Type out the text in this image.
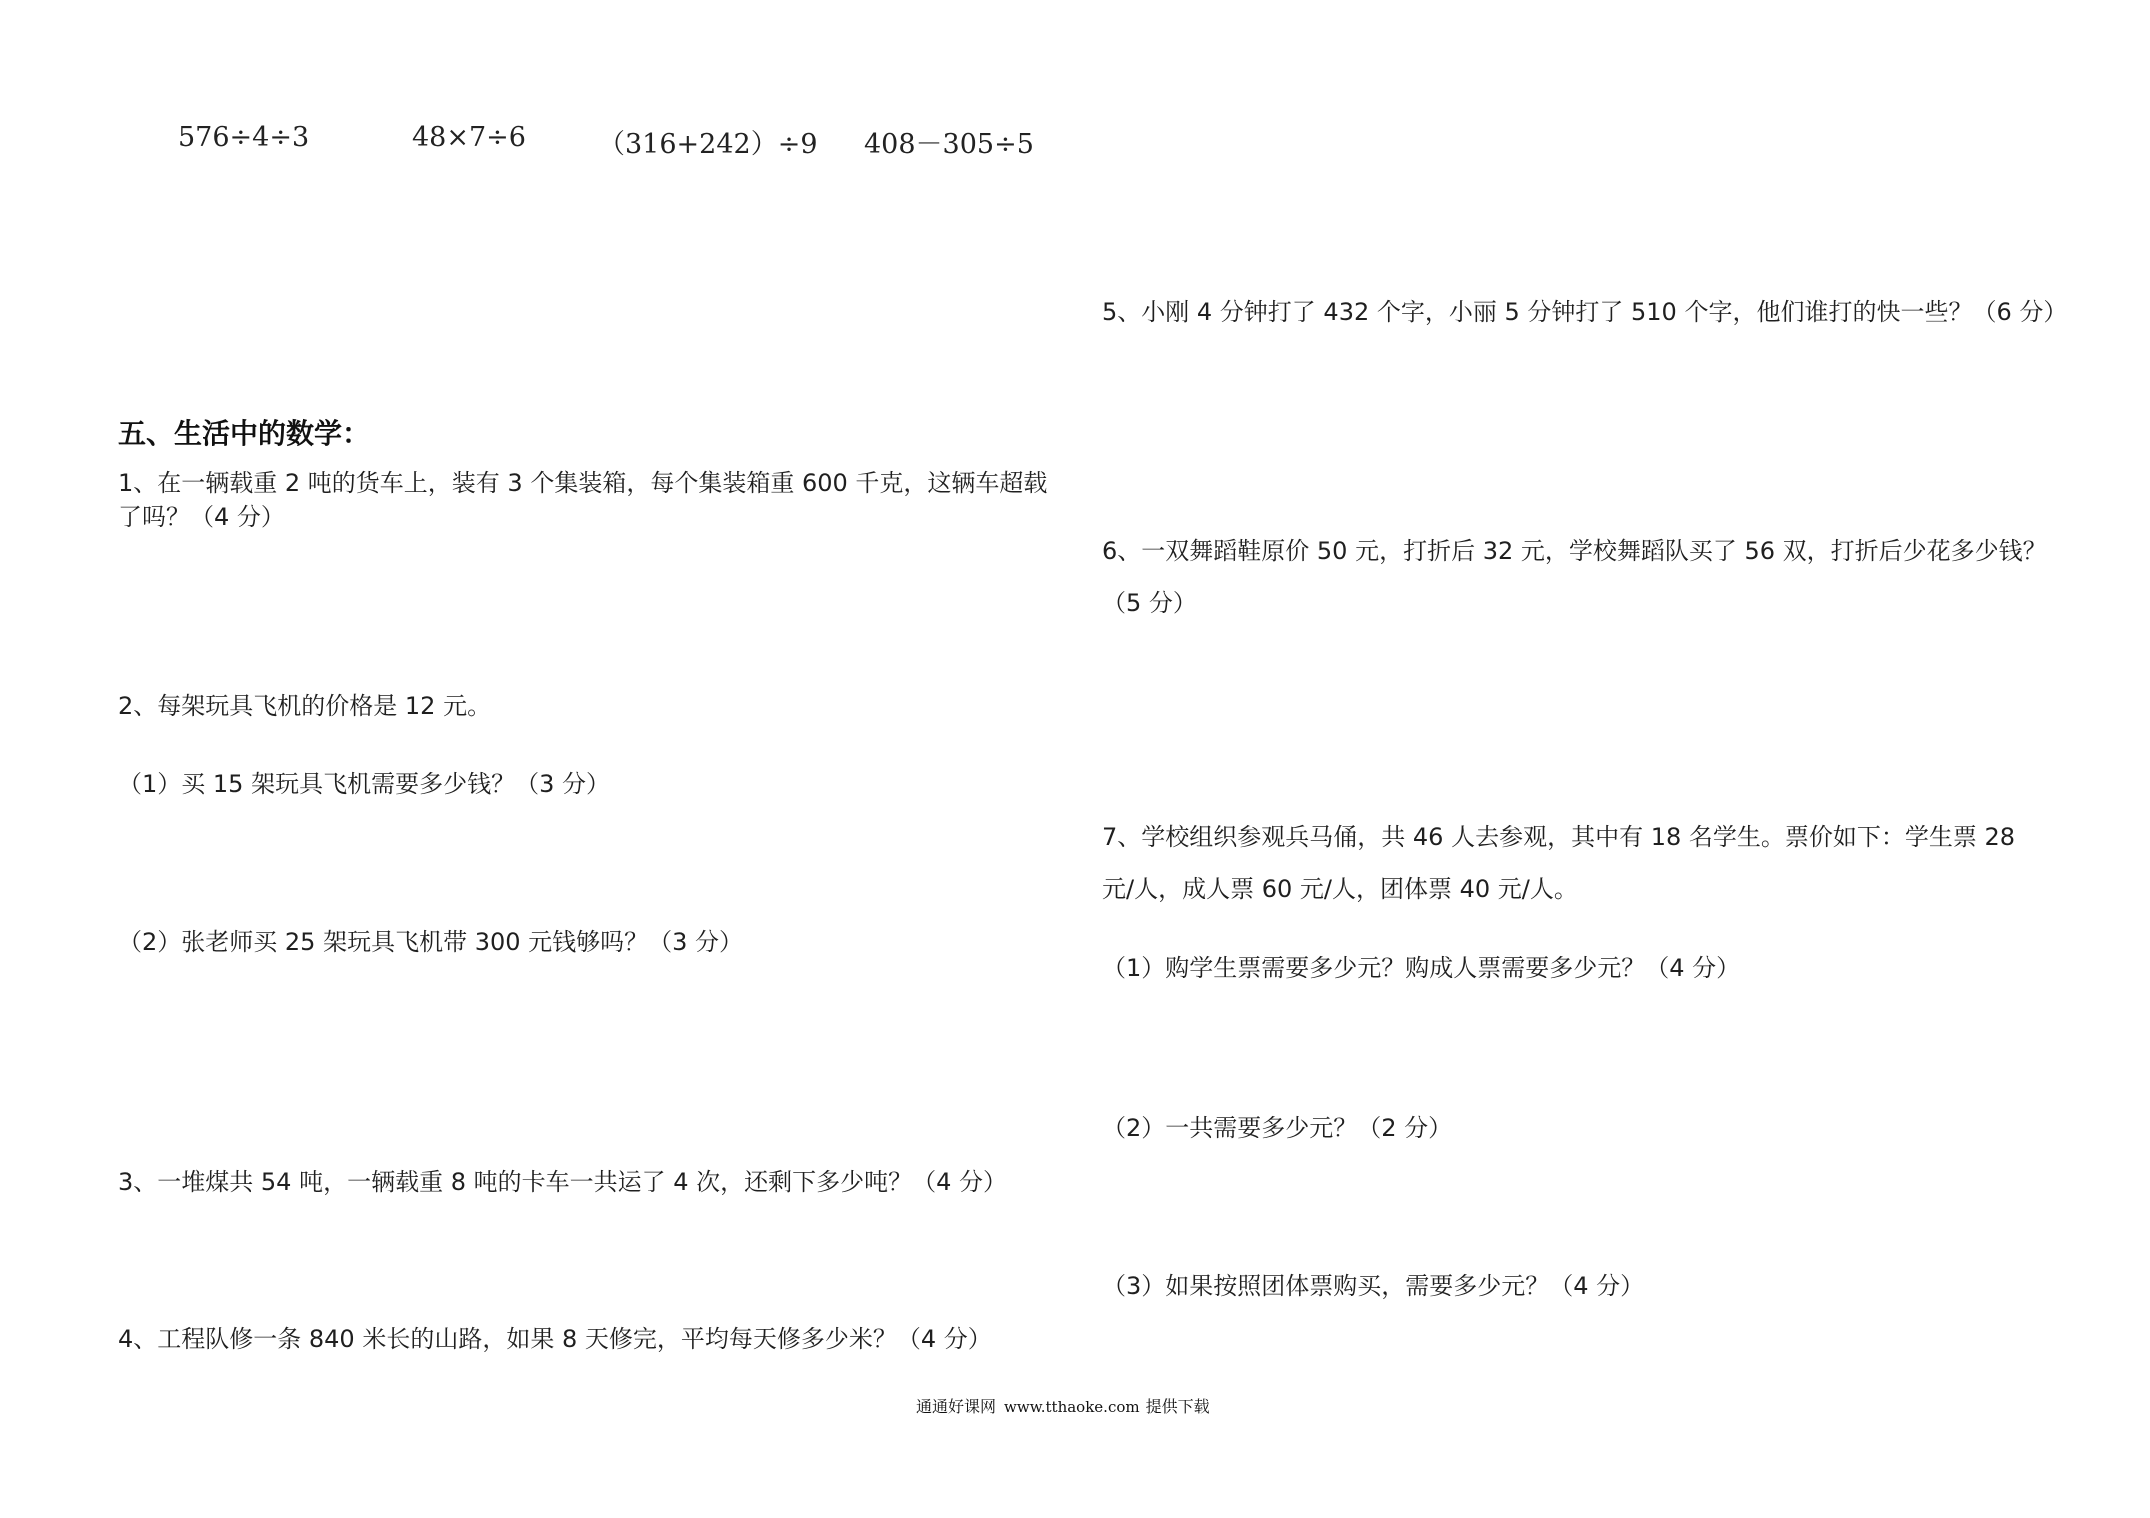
576÷4÷3	48×7÷6	（316+242）÷9 408－305÷5
五、生活中的数学：
1、在一辆载重 2 吨的货车上，装有 3 个集装箱，每个集装箱重 600 千克，这辆车超载
了吗？（4 分）
2、每架玩具飞机的价格是 12 元。
（1）买 15 架玩具飞机需要多少钱？（3 分）
（2）张老师买 25 架玩具飞机带 300 元钱够吗？（3 分）
3、一堆煤共 54 吨，一辆载重 8 吨的卡车一共运了 4 次，还剩下多少吨？（4 分）
4、工程队修一条 840 米长的山路，如果 8 天修完，平均每天修多少米？（4 分）
5、小刚 4 分钟打了 432 个字，小丽 5 分钟打了 510 个字，他们谁打的快一些？（6 分）
6、一双舞蹈鞋原价 50 元，打折后 32 元，学校舞蹈队买了 56 双，打折后少花多少钱？
（5 分）
7、学校组织参观兵马俑，共 46 人去参观，其中有 18 名学生。票价如下：学生票 28
元/人，成人票 60 元/人，团体票 40 元/人。
（1）购学生票需要多少元？购成人票需要多少元？（4 分）
（2）一共需要多少元？（2 分）
（3）如果按照团体票购买，需要多少元？（4 分）
通通好课网 www.tthaoke.com 提供下载
